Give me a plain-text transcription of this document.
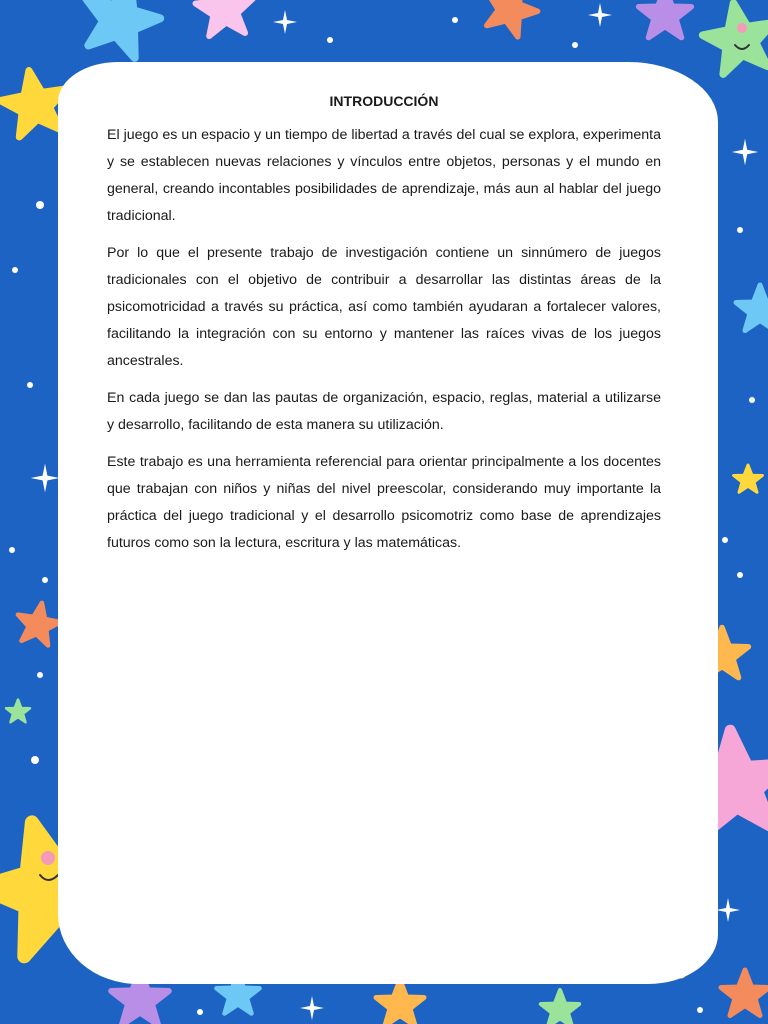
INTRODUCCIÓN

El juego es un espacio y un tiempo de libertad a través del cual se explora, experimenta y se establecen nuevas relaciones y vínculos entre objetos, personas y el mundo en general, creando incontables posibilidades de aprendizaje, más aun al hablar del juego tradicional.

Por lo que el presente trabajo de investigación contiene un sinnúmero de juegos tradicionales con el objetivo de contribuir a desarrollar las distintas áreas de la psicomotricidad a través su práctica, así como también ayudaran a fortalecer valores, facilitando la integración con su entorno y mantener las raíces vivas de los juegos ancestrales.

En cada juego se dan las pautas de organización, espacio, reglas, material a utilizarse y desarrollo, facilitando de esta manera su utilización.

Este trabajo es una herramienta referencial para orientar principalmente a los docentes que trabajan con niños y niñas del nivel preescolar, considerando muy importante la práctica del juego tradicional y el desarrollo psicomotriz como base de aprendizajes futuros como son la lectura, escritura y las matemáticas.
